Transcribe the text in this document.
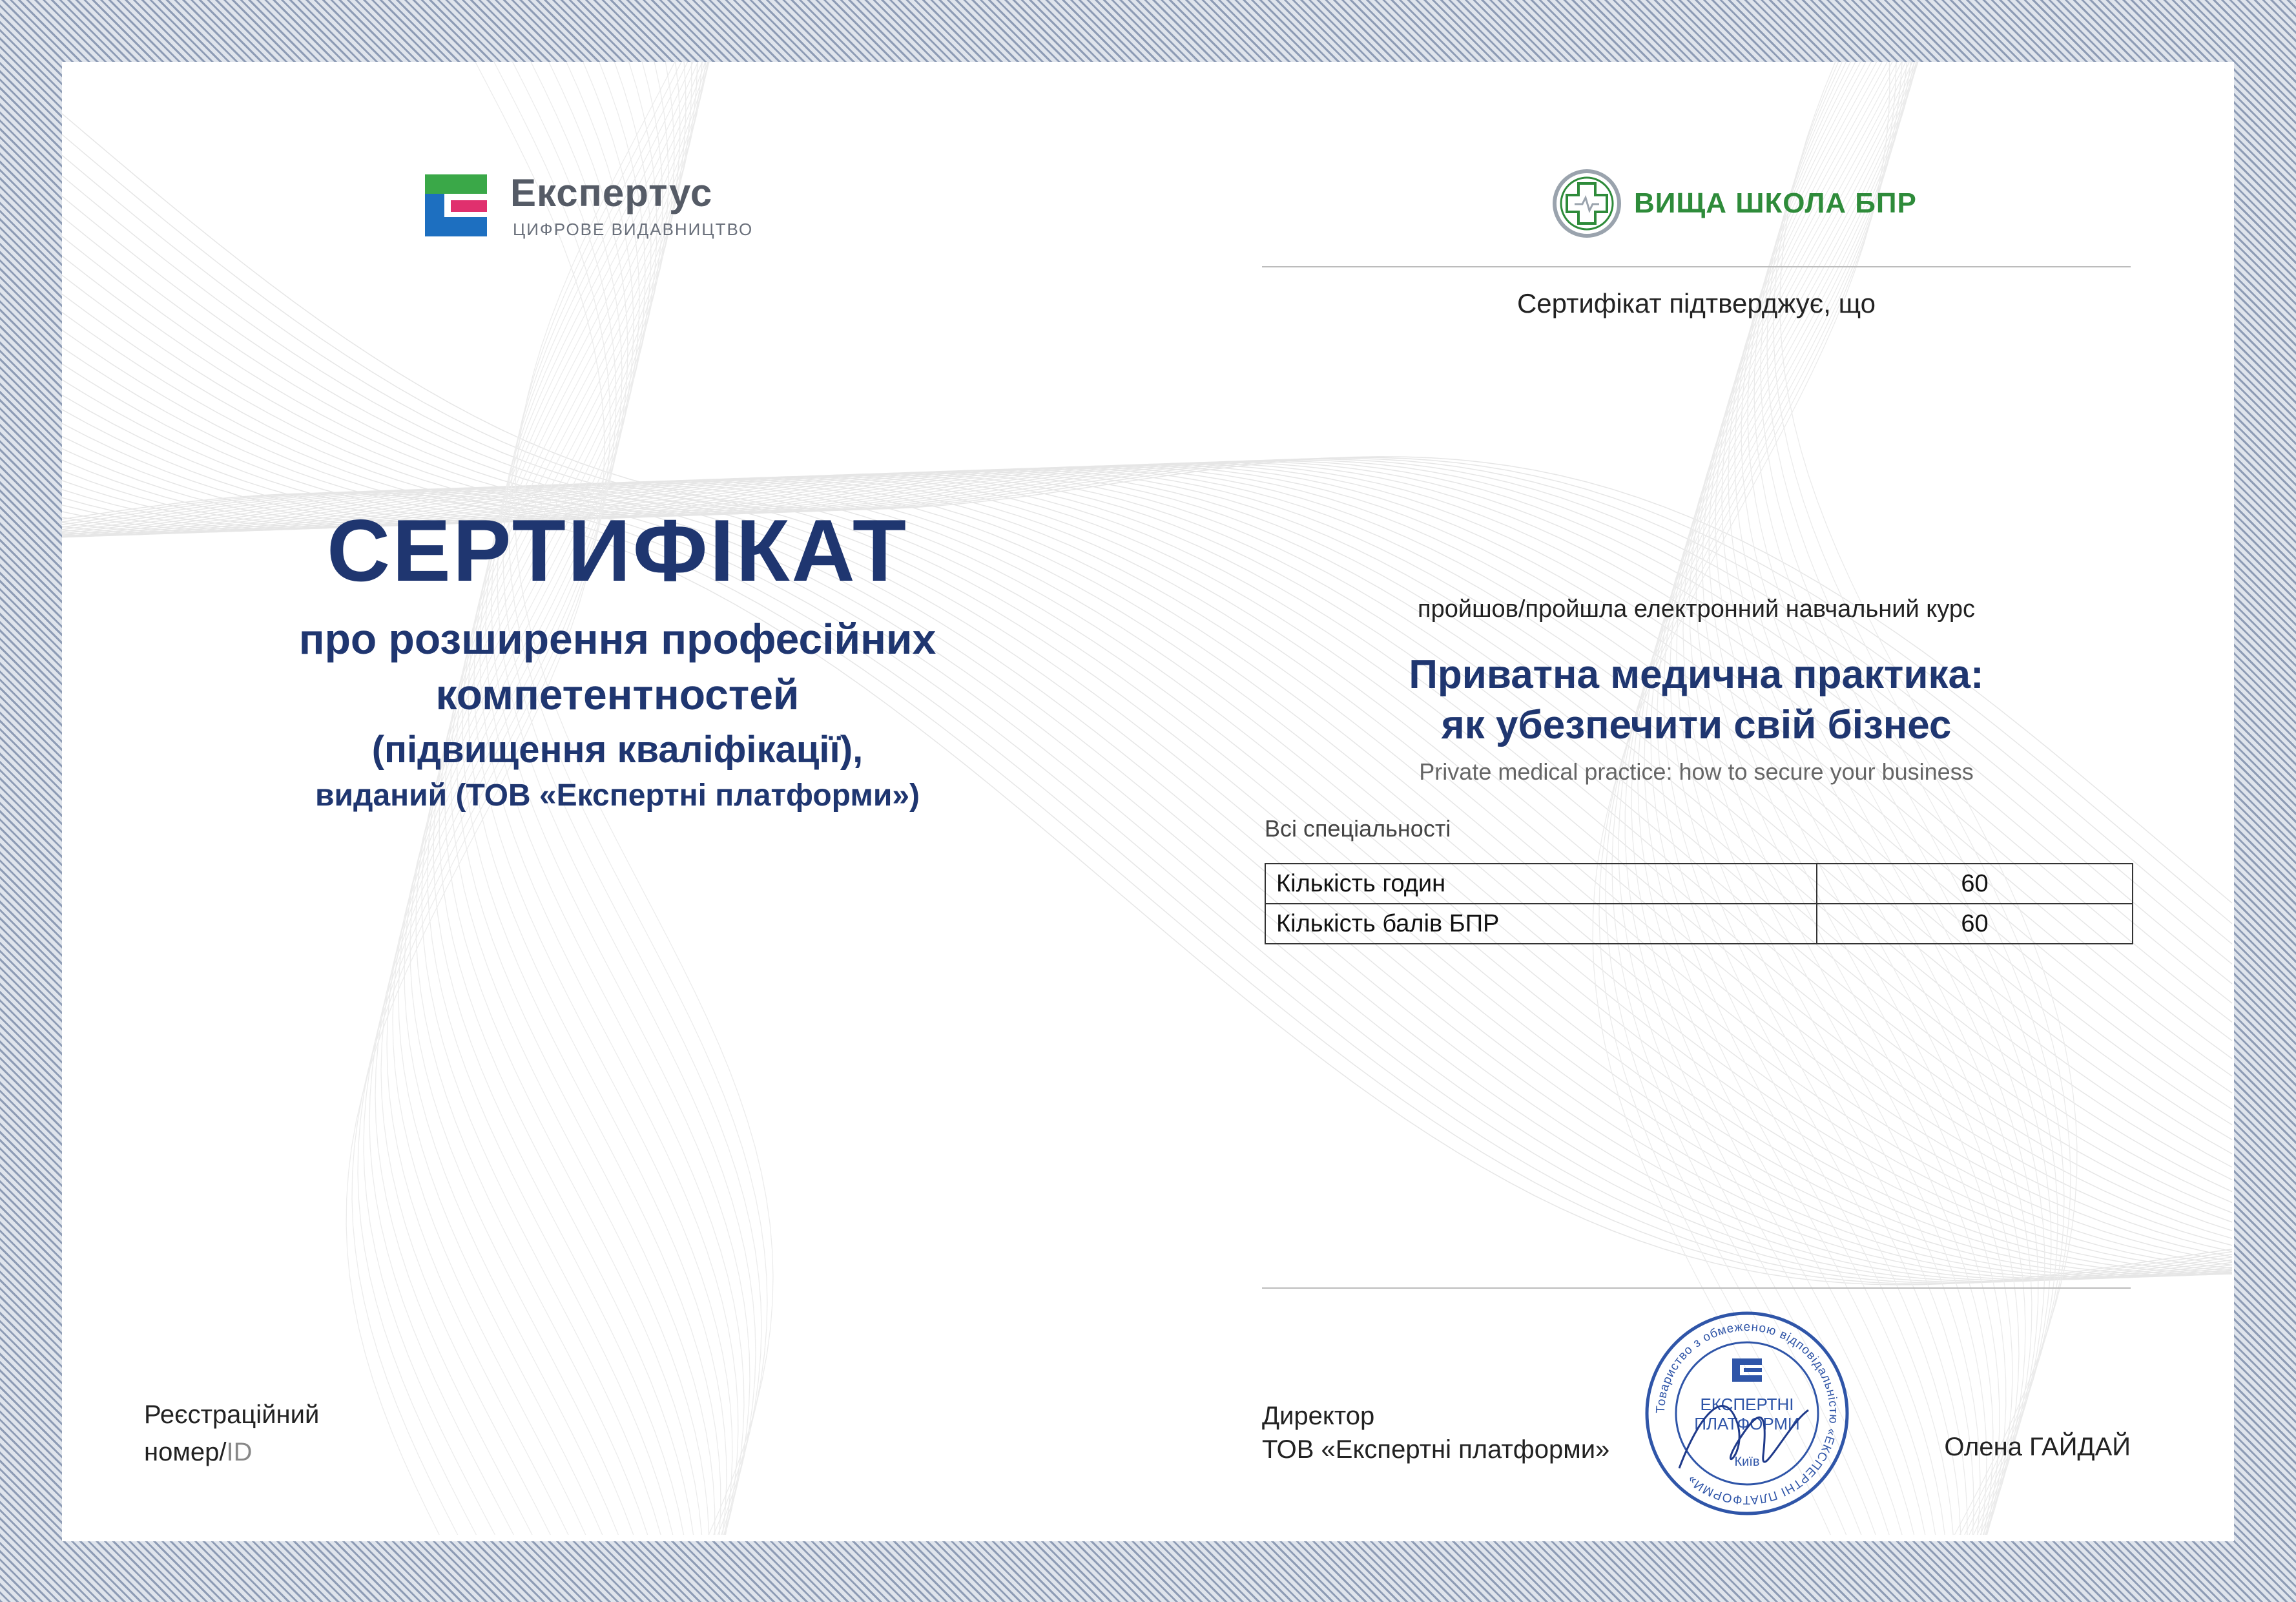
Експертус
ЦИФРОВЕ ВИДАВНИЦТВО
СЕРТИФІКАТ
про розширення професійних
компетентностей
(підвищення кваліфікації),
виданий (ТОВ «Експертні платформи»)
Реєстраційний
номер/ID
ВИЩА ШКОЛА БПР
Сертифікат підтверджує, що
пройшов/пройшла електронний навчальний курс
Приватна медична практика:
як убезпечити свій бізнес
Private medical practice: how to secure your business
Всі спеціальності
Кількість годин	60
Кількість балів БПР	60
Директор
ТОВ «Експертні платформи»
Товариство з обмеженою відповідальністю «ЕКСПЕРТНІ ПЛАТФОРМИ»
ЕКСПЕРТНІ
ПЛАТФОРМИ
Київ
Олена ГАЙДАЙ
